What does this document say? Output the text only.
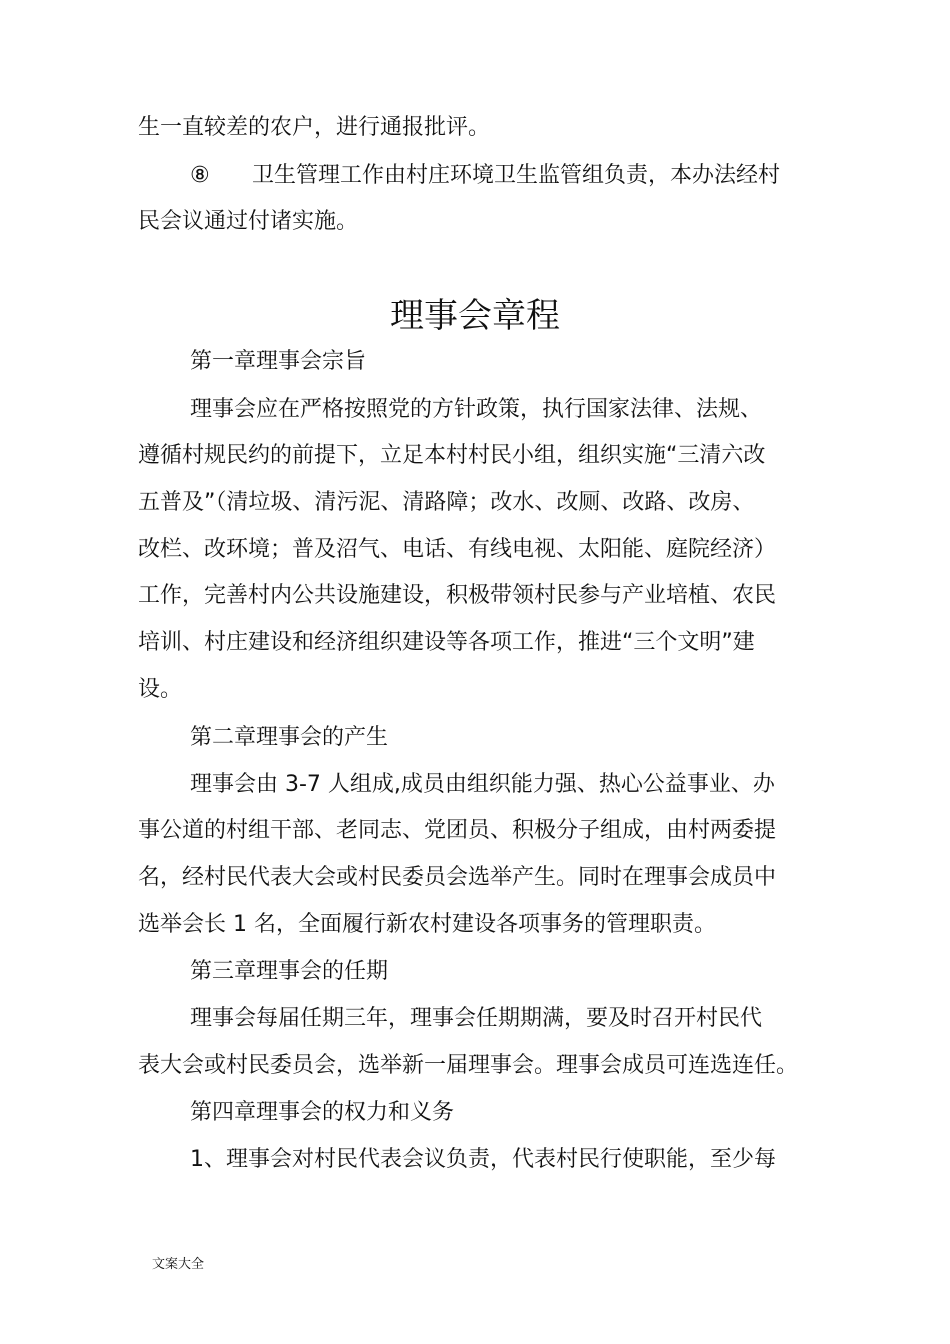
生一直较差的农户，进行通报批评。
⑧ 卫生管理工作由村庄环境卫生监管组负责，本办法经村
民会议通过付诸实施。
理事会章程
第一章理事会宗旨
理事会应在严格按照党的方针政策，执行国家法律、法规、
遵循村规民约的前提下，立足本村村民小组，组织实施“三清六改
五普及”（清垃圾、清污泥、清路障；改水、改厕、改路、改房、
改栏、改环境；普及沼气、电话、有线电视、太阳能、庭院经济）
工作，完善村内公共设施建设，积极带领村民参与产业培植、农民
培训、村庄建设和经济组织建设等各项工作，推进“三个文明”建
设。
第二章理事会的产生
理事会由 3-7 人组成,成员由组织能力强、热心公益事业、办
事公道的村组干部、老同志、党团员、积极分子组成，由村两委提
名，经村民代表大会或村民委员会选举产生。同时在理事会成员中
选举会长 1 名，全面履行新农村建设各项事务的管理职责。
第三章理事会的任期
理事会每届任期三年，理事会任期期满，要及时召开村民代
表大会或村民委员会，选举新一届理事会。理事会成员可连选连任。
第四章理事会的权力和义务
1、理事会对村民代表会议负责，代表村民行使职能，至少每
文案大全
